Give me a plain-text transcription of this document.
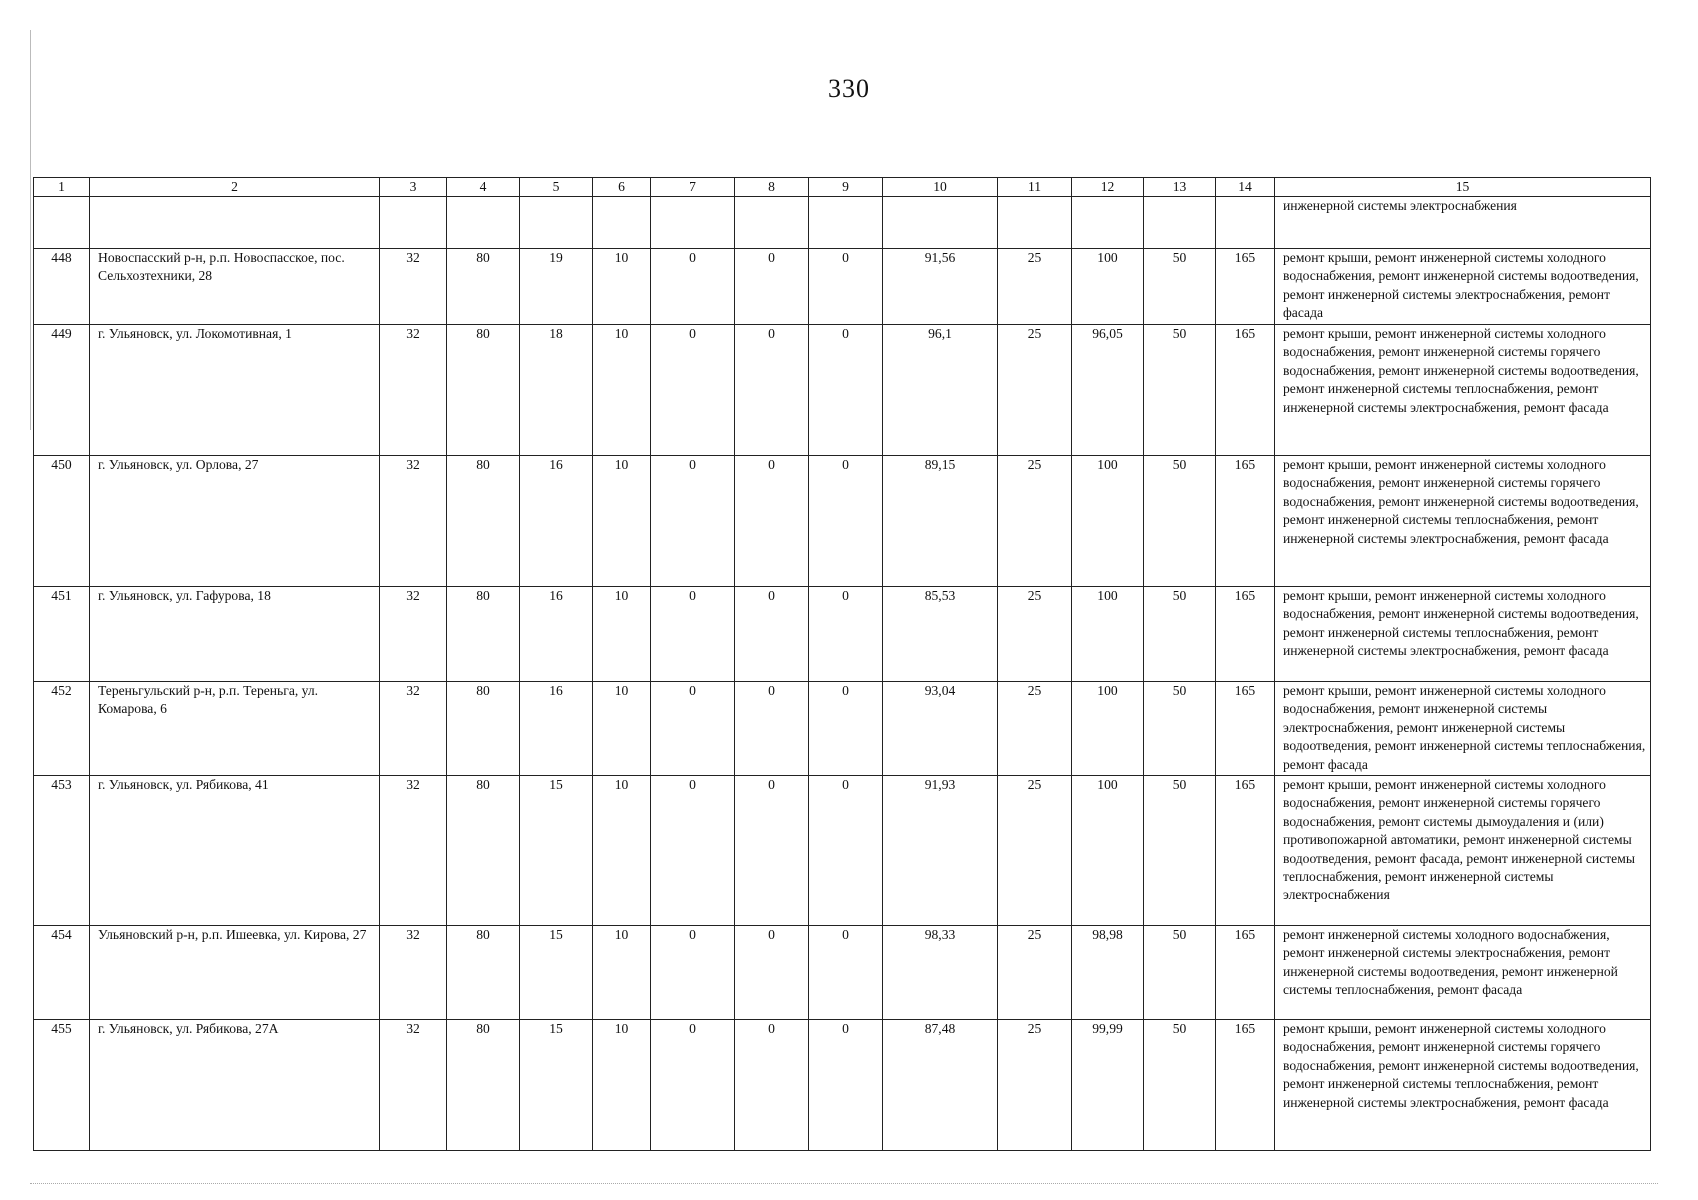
330
1	2	3	4	5	6	7	8	9	10	11	12	13	14	15
														инженерной системы электроснабжения
448	Новоспасский р-н, р.п. Новоспасское, пос. Сельхозтехники, 28	32	80	19	10	0	0	0	91,56	25	100	50	165	ремонт крыши, ремонт инженерной системы холодного водоснабжения, ремонт инженерной системы водоотведения, ремонт инженерной системы электроснабжения, ремонт фасада
449	г. Ульяновск, ул. Локомотивная, 1	32	80	18	10	0	0	0	96,1	25	96,05	50	165	ремонт крыши, ремонт инженерной системы холодного водоснабжения, ремонт инженерной системы горячего водоснабжения, ремонт инженерной системы водоотведения, ремонт инженерной системы теплоснабжения, ремонт инженерной системы электроснабжения, ремонт фасада
450	г. Ульяновск, ул. Орлова, 27	32	80	16	10	0	0	0	89,15	25	100	50	165	ремонт крыши, ремонт инженерной системы холодного водоснабжения, ремонт инженерной системы горячего водоснабжения, ремонт инженерной системы водоотведения, ремонт инженерной системы теплоснабжения, ремонт инженерной системы электроснабжения, ремонт фасада
451	г. Ульяновск, ул. Гафурова, 18	32	80	16	10	0	0	0	85,53	25	100	50	165	ремонт крыши, ремонт инженерной системы холодного водоснабжения, ремонт инженерной системы водоотведения, ремонт инженерной системы теплоснабжения, ремонт инженерной системы электроснабжения, ремонт фасада
452	Тереньгульский р-н, р.п. Тереньга, ул. Комарова, 6	32	80	16	10	0	0	0	93,04	25	100	50	165	ремонт крыши, ремонт инженерной системы холодного водоснабжения, ремонт инженерной системы электроснабжения, ремонт инженерной системы водоотведения, ремонт инженерной системы теплоснабжения, ремонт фасада
453	г. Ульяновск, ул. Рябикова, 41	32	80	15	10	0	0	0	91,93	25	100	50	165	ремонт крыши, ремонт инженерной системы холодного водоснабжения, ремонт инженерной системы горячего водоснабжения, ремонт системы дымоудаления и (или) противопожарной автоматики, ремонт инженерной системы водоотведения, ремонт фасада, ремонт инженерной системы теплоснабжения, ремонт инженерной системы электроснабжения
454	Ульяновский р-н, р.п. Ишеевка, ул. Кирова, 27	32	80	15	10	0	0	0	98,33	25	98,98	50	165	ремонт инженерной системы холодного водоснабжения, ремонт инженерной системы электроснабжения, ремонт инженерной системы водоотведения, ремонт инженерной системы теплоснабжения, ремонт фасада
455	г. Ульяновск, ул. Рябикова, 27А	32	80	15	10	0	0	0	87,48	25	99,99	50	165	ремонт крыши, ремонт инженерной системы холодного водоснабжения, ремонт инженерной системы горячего водоснабжения, ремонт инженерной системы водоотведения, ремонт инженерной системы теплоснабжения, ремонт инженерной системы электроснабжения, ремонт фасада
